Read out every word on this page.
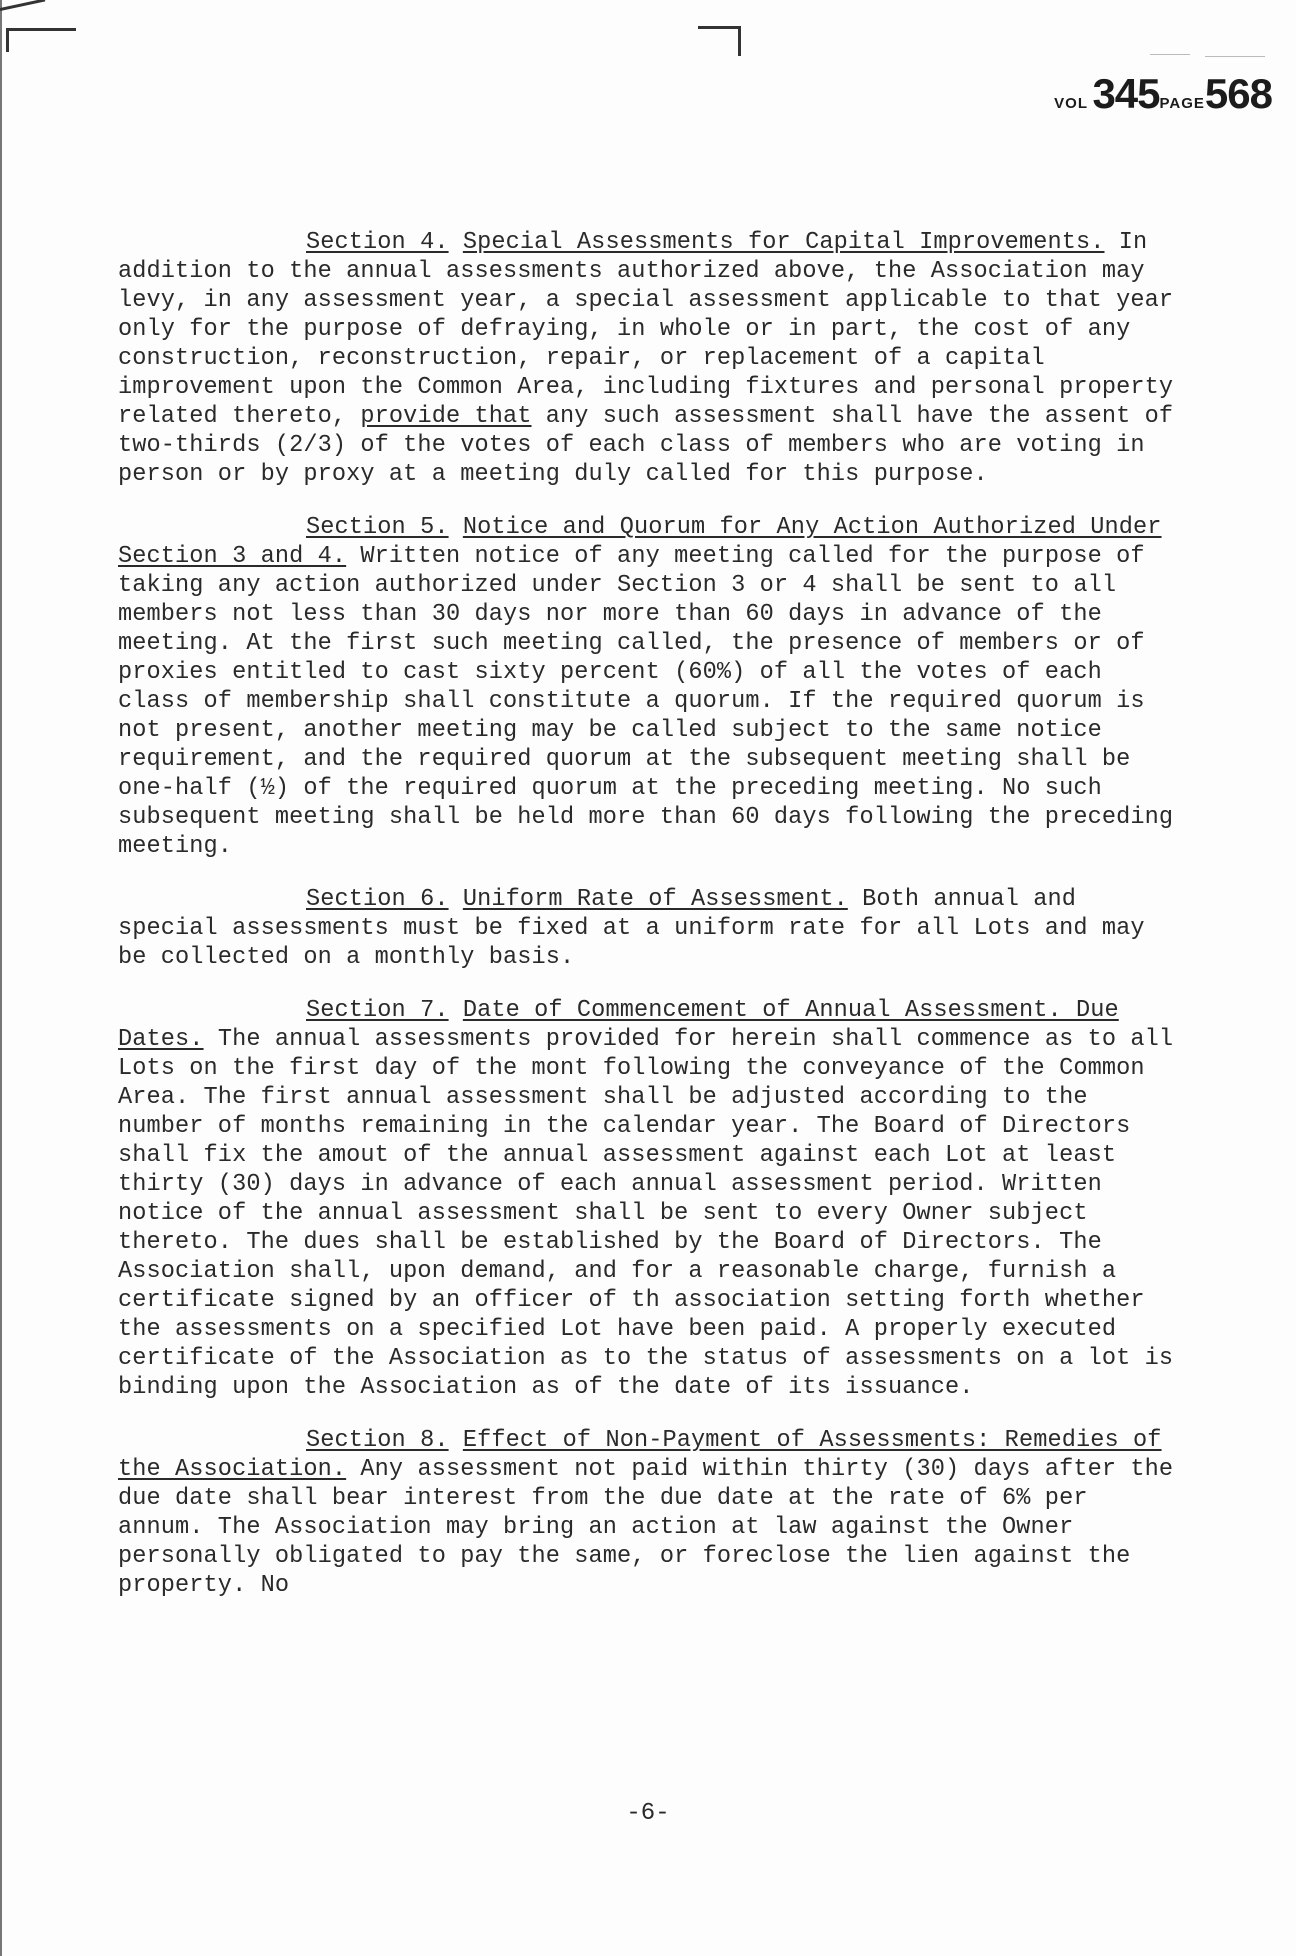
VOL 345PAGE568

Section 4. Special Assessments for Capital Improvements. In addition to the annual assessments authorized above, the Association may levy, in any assessment year, a special assessment applicable to that year only for the purpose of defraying, in whole or in part, the cost of any construction, reconstruction, repair, or replacement of a capital improvement upon the Common Area, including fixtures and personal property related thereto, provide that any such assessment shall have the assent of two-thirds (2/3) of the votes of each class of members who are voting in person or by proxy at a meeting duly called for this purpose.

Section 5. Notice and Quorum for Any Action Authorized Under Section 3 and 4. Written notice of any meeting called for the purpose of taking any action authorized under Section 3 or 4 shall be sent to all members not less than 30 days nor more than 60 days in advance of the meeting. At the first such meeting called, the presence of members or of proxies entitled to cast sixty percent (60%) of all the votes of each class of membership shall constitute a quorum. If the required quorum is not present, another meeting may be called subject to the same notice requirement, and the required quorum at the subsequent meeting shall be one-half (½) of the required quorum at the preceding meeting. No such subsequent meeting shall be held more than 60 days following the preceding meeting.

Section 6. Uniform Rate of Assessment. Both annual and special assessments must be fixed at a uniform rate for all Lots and may be collected on a monthly basis.

Section 7. Date of Commencement of Annual Assessment. Due Dates. The annual assessments provided for herein shall commence as to all Lots on the first day of the mont following the conveyance of the Common Area. The first annual assessment shall be adjusted according to the number of months remaining in the calendar year. The Board of Directors shall fix the amout of the annual assessment against each Lot at least thirty (30) days in advance of each annual assessment period. Written notice of the annual assessment shall be sent to every Owner subject thereto. The dues shall be established by the Board of Directors. The Association shall, upon demand, and for a reasonable charge, furnish a certificate signed by an officer of th association setting forth whether the assessments on a specified Lot have been paid. A properly executed certificate of the Association as to the status of assessments on a lot is binding upon the Association as of the date of its issuance.

Section 8. Effect of Non-Payment of Assessments: Remedies of the Association. Any assessment not paid within thirty (30) days after the due date shall bear interest from the due date at the rate of 6% per annum. The Association may bring an action at law against the Owner personally obligated to pay the same, or foreclose the lien against the property. No

-6-
